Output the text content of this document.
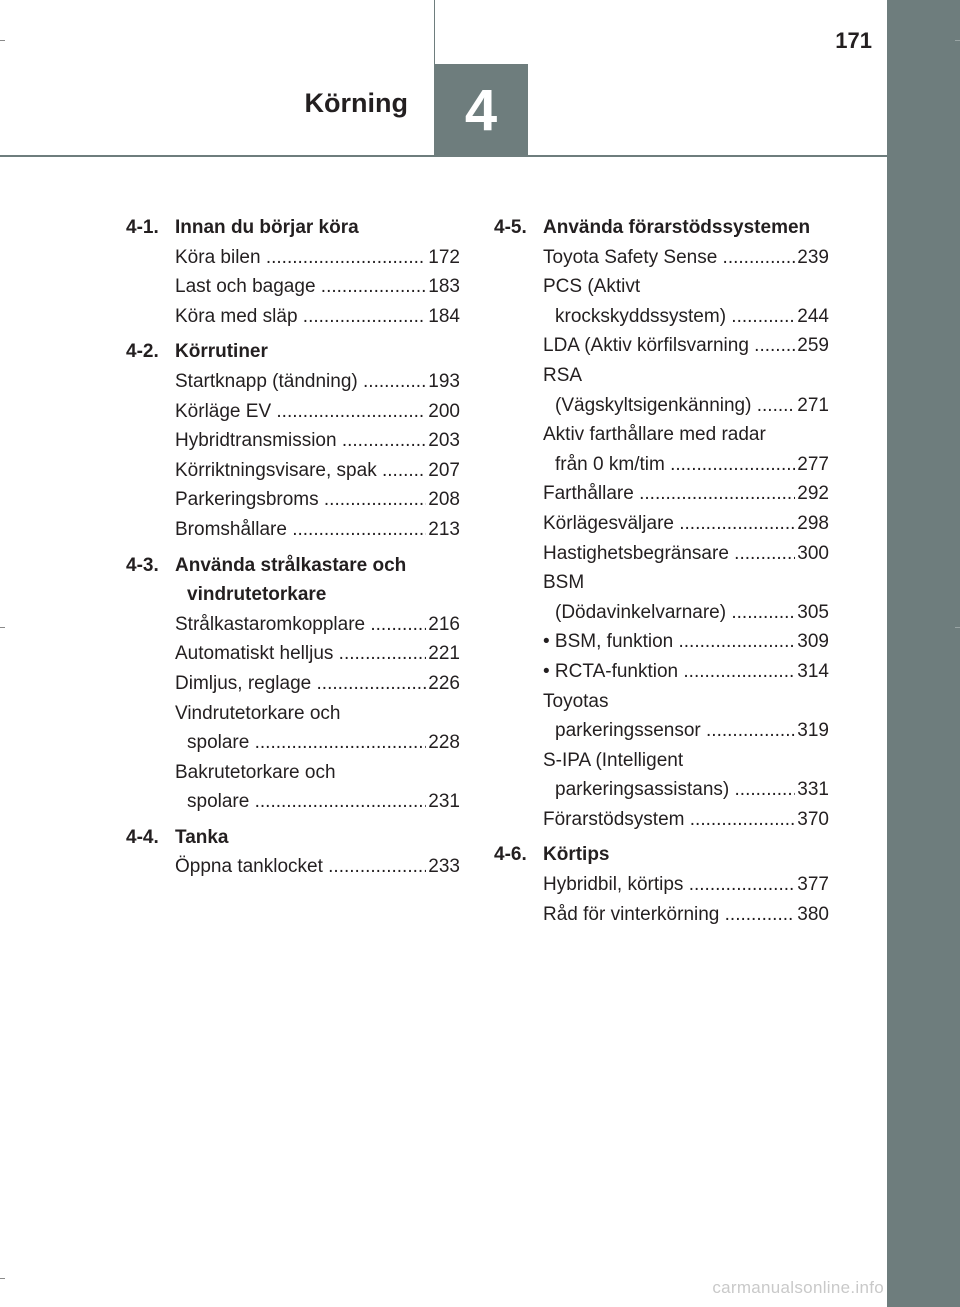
4
Körning
171
4-1. Innan du börjar köra
Köra bilen .....	172
Last och bagage .....	183
Köra med släp .....	184
4-2. Körrutiner
Startknapp (tändning) .....	193
Körläge EV .....	200
Hybridtransmission .....	203
Körriktningsvisare, spak .....	207
Parkeringsbroms .....	208
Bromshållare .....	213
4-3. Använda strålkastare och vindrutetorkare
Strålkastaromkopplare .....	216
Automatiskt helljus .....	221
Dimljus, reglage .....	226
Vindrutetorkare och
spolare .....	228
Bakrutetorkare och
spolare .....	231
4-4. Tanka
Öppna tanklocket .....	233
4-5. Använda förarstödssystemen
Toyota Safety Sense .....	239
PCS (Aktivt
krockskyddssystem) .....	244
LDA (Aktiv körfilsvarning .....	259
RSA
(Vägskyltsigenkänning) .....	271
Aktiv farthållare med radar
från 0 km/tim .....	277
Farthållare .....	292
Körlägesväljare .....	298
Hastighetsbegränsare .....	300
BSM
(Dödavinkelvarnare) .....	305
• BSM, funktion .....	309
• RCTA-funktion .....	314
Toyotas
parkeringssensor .....	319
S-IPA (Intelligent
parkeringsassistans) .....	331
Förarstödsystem .....	370
4-6. Körtips
Hybridbil, körtips .....	377
Råd för vinterkörning .....	380
carmanualsonline.info
